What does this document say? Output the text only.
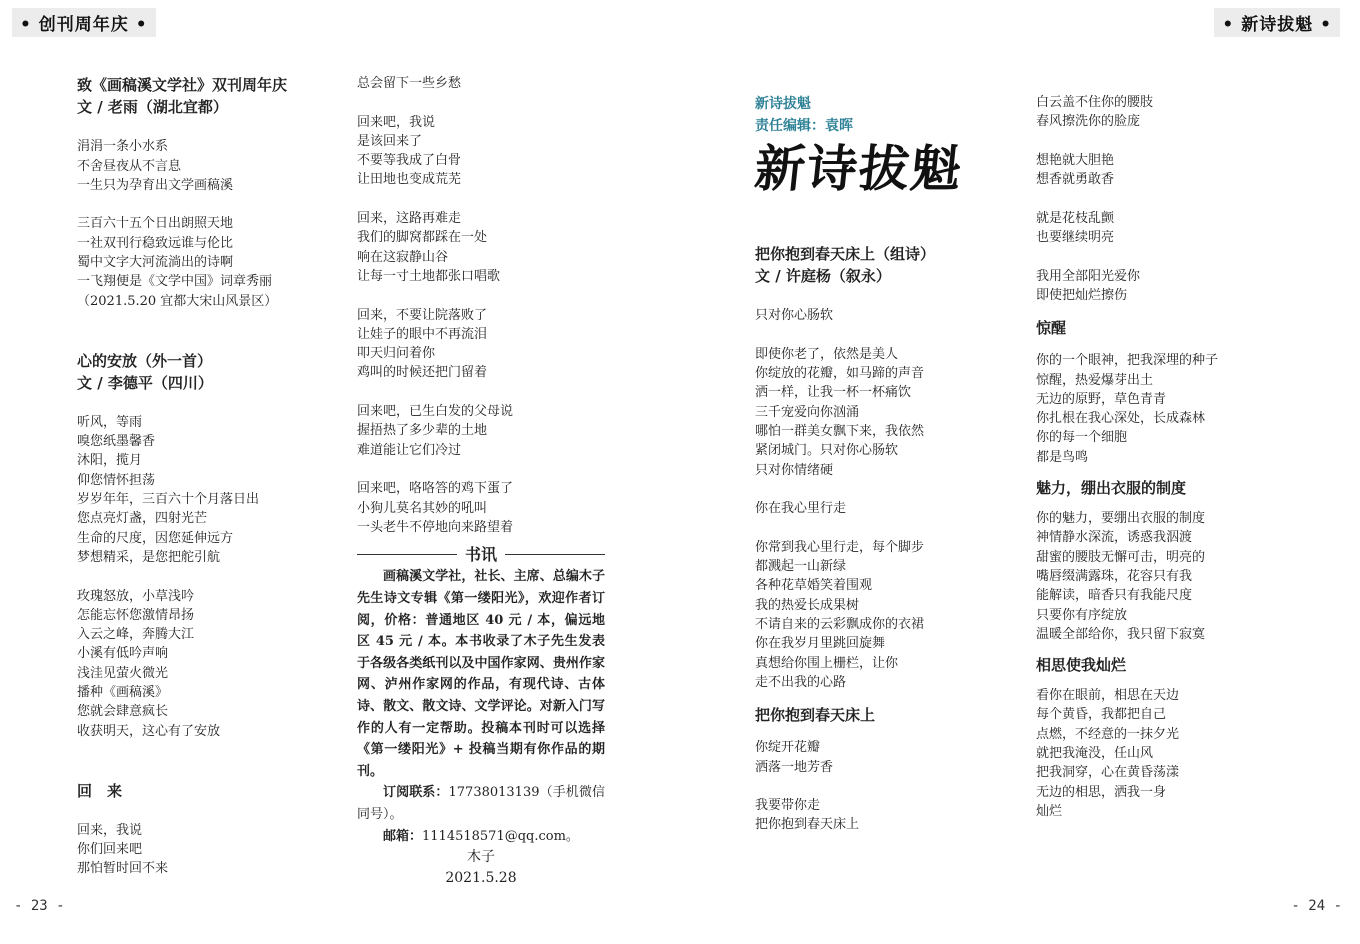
• 创刊周年庆 •	• 新诗拔魁 •
致《画稿溪文学社》双刊周年庆
文 / 老雨（湖北宜都）

涓涓一条小水系

不舍昼夜从不言息

一生只为孕育出文学画稿溪

三百六十五个日出朗照天地

一社双刊行稳致远谁与伦比

蜀中文字大河流淌出的诗啊

一飞翔便是《文学中国》词章秀丽

（2021.5.20 宜都大宋山风景区）

心的安放（外一首）
文 / 李德平（四川）

听风，等雨

嗅您纸墨馨香

沐阳，揽月

仰您情怀担荡

岁岁年年，三百六十个月落日出

您点亮灯盏，四射光芒

生命的尺度，因您延伸远方

梦想精采，是您把舵引航

玫瑰怒放，小草浅吟

怎能忘怀您激情昂扬

入云之峰，奔腾大江

小溪有低吟声响

浅洼见萤火微光

播种《画稿溪》

您就会肆意疯长

收获明天，这心有了安放

回　来

回来，我说

你们回来吧

那怕暂时回不来

总会留下一些乡愁

回来吧，我说

是该回来了

不要等我成了白骨

让田地也变成荒芜

回来，这路再难走

我们的脚窝都踩在一处

响在这寂静山谷

让每一寸土地都张口唱歌

回来，不要让院落败了

让娃子的眼中不再流泪

叩天归问着你

鸡叫的时候还把门留着

回来吧，已生白发的父母说

握捂热了多少辈的土地

难道能让它们冷过

回来吧，咯咯答的鸡下蛋了

小狗儿莫名其妙的吼叫

一头老牛不停地向来路望着

书讯

画稿溪文学社，社长、主席、总编木子先生诗文专辑《第一缕阳光》，欢迎作者订阅，价格：普通地区 40 元 / 本，偏远地区 45 元 / 本。本书收录了木子先生发表于各级各类纸刊以及中国作家网、贵州作家网、泸州作家网的作品，有现代诗、古体诗、散文、散文诗、文学评论。对新入门写作的人有一定帮助。投稿本刊时可以选择《第一缕阳光》+ 投稿当期有你作品的期刊。

订阅联系：17738013139（手机微信同号）。

邮箱：1114518571@qq.com。

木子
2021.5.28
新诗拔魁
责任编辑：袁晖
新诗拔魁
把你抱到春天床上（组诗）
文 / 许庭杨（叙永）

只对你心肠软

即使你老了，依然是美人

你绽放的花瓣，如马蹄的声音

洒一样，让我一杯一杯痛饮

三千宠爱向你汹涌

哪怕一群美女飘下来，我依然

紧闭城门。只对你心肠软

只对你情绪硬

你在我心里行走

你常到我心里行走，每个脚步

都溅起一山新绿

各种花草婚笑着围观

我的热爱长成果树

不请自来的云彩飘成你的衣裙

你在我岁月里跳回旋舞

真想给你围上栅栏，让你

走不出我的心路

把你抱到春天床上

你绽开花瓣

洒落一地芳香

我要带你走

把你抱到春天床上

白云盖不住你的腰肢

春风擦洗你的脸庞

想艳就大胆艳

想香就勇敢香

就是花枝乱颤

也要继续明亮

我用全部阳光爱你

即使把灿烂擦伤

惊醒

你的一个眼神，把我深埋的种子

惊醒，热爱爆芽出土

无边的原野，草色青青

你扎根在我心深处，长成森林

你的每一个细胞

都是鸟鸣

魅力，绷出衣服的制度

你的魅力，要绷出衣服的制度

神情静水深流，诱惑我泅渡

甜蜜的腰肢无懈可击，明亮的

嘴唇缀满露珠，花容只有我

能解读，暗香只有我能尺度

只要你有序绽放

温暖全部给你，我只留下寂寞

相思使我灿烂

看你在眼前，相思在天边

每个黄昏，我都把自己

点燃，不经意的一抹夕光

就把我淹没，任山风

把我洞穿，心在黄昏荡漾

无边的相思，洒我一身

灿烂

- 23 -	- 24 -
